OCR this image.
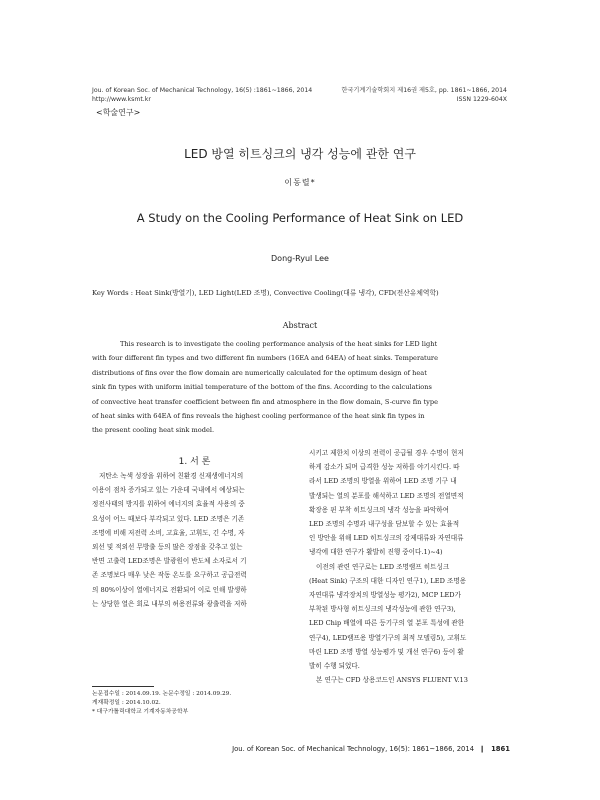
Jou. of Korean Soc. of Mechanical Technology, 16(5) :1861~1866, 2014
http://www.ksmt.kr
한국기계기술학회지 제16권 제5호, pp. 1861~1866, 2014
ISSN 1229-604X
<학술연구>
LED 방열 히트싱크의 냉각 성능에 관한 연구
이동렬*
A Study on the Cooling Performance of Heat Sink on LED
Dong-Ryul Lee
Key Words : Heat Sink(방열기), LED Light(LED 조명), Convective Cooling(대류 냉각), CFD(전산유체역학)
Abstract
This research is to investigate the cooling performance analysis of the heat sinks for LED light
with four different fin types and two different fin numbers (16EA and 64EA) of heat sinks. Temperature
distributions of fins over the flow domain are numerically calculated for the optimum design of heat
sink fin types with uniform initial temperature of the bottom of the fins. According to the calculations
of convective heat transfer coefficient between fin and atmosphere in the flow domain, S-curve fin type
of heat sinks with 64EA of fins reveals the highest cooling performance of the heat sink fin types in
the present cooling heat sink model.
1. 서 론
저탄소 녹색 성장을 위하여 친환경 신재생에너지의
이용이 점차 증가되고 있는 가운데 국내에서 예상되는
정전사태의 방지를 위하여 에너지의 효율적 사용의 중
요성이 어느 때보다 부각되고 있다. LED 조명은 기존
조명에 비해 저전력 소비, 고효율, 고휘도, 긴 수명, 자
외선 및 적외선 무방출 등의 많은 장점을 갖추고 있는
반면 고출력 LED조명은 발광원이 반도체 소자로서 기
존 조명보다 매우 낮은 작동 온도를 요구하고 공급전력
의 80%이상이 열에너지로 전환되어 이로 인해 발생하
는 상당한 열은 회로 내부의 허용전류와 광출력을 저하
논문접수일 : 2014.09.19. 논문수정일 : 2014.09.29.
게재확정일 : 2014.10.02.
* 대구가톨릭대학교 기계자동차공학부
시키고 제한치 이상의 전력이 공급될 경우 수명이 현저
하게 감소가 되며 급격한 성능 저하를 야기시킨다. 따
라서 LED 조명의 방열을 위하여 LED 조명 기구 내
발생되는 열의 분포를 해석하고 LED 조명의 전열면적
확장용 핀 부착 히트싱크의 냉각 성능을 파악하여
LED 조명의 수명과 내구성을 담보할 수 있는 효율적
인 방안을 위해 LED 히트싱크의 강제대류와 자연대류
냉각에 대한 연구가 활발히 진행 중이다.1)~4)
이전의 관련 연구로는 LED 조명램프 히트싱크
(Heat Sink) 구조의 대한 디자인 연구1), LED 조명용
자연대류 냉각장치의 방열성능 평가2), MCP LED가
부착된 방사형 히트싱크의 냉각성능에 관한 연구3),
LED Chip 배열에 따른 등기구의 열 분포 특성에 관한
연구4), LED램프용 방열기구의 최적 모델링5), 고휘도
마린 LED 조명 방열 성능평가 및 개선 연구6) 등이 활
발히 수행 되었다.
본 연구는 CFD 상용코드인 ANSYS FLUENT V.13
Jou. of Korean Soc. of Mechanical Technology, 16(5): 1861~1866, 2014 ❙ 1861
